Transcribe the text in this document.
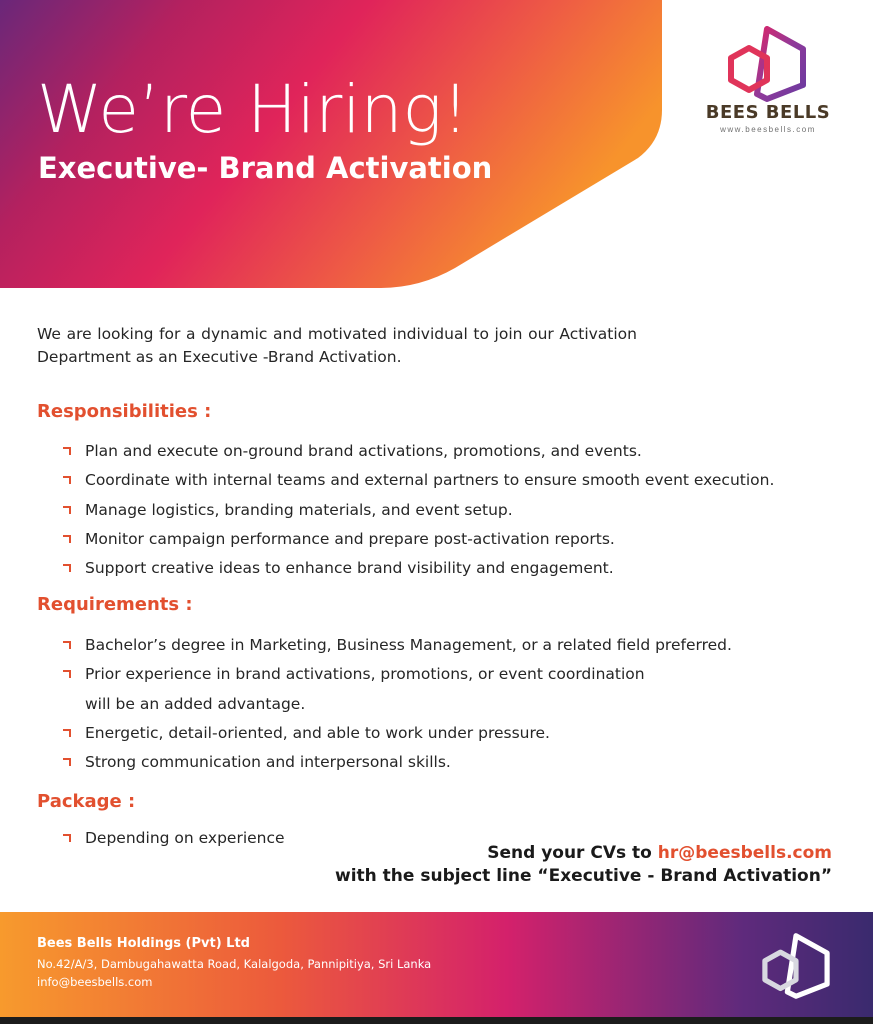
We’re Hiring!
Executive- Brand Activation
BEES BELLS
www.beesbells.com

We are looking for a dynamic and motivated individual to join our Activation Department as an Executive -Brand Activation.

Responsibilities :
Plan and execute on-ground brand activations, promotions, and events.
Coordinate with internal teams and external partners to ensure smooth event execution.
Manage logistics, branding materials, and event setup.
Monitor campaign performance and prepare post-activation reports.
Support creative ideas to enhance brand visibility and engagement.
Requirements :
Bachelor’s degree in Marketing, Business Management, or a related field preferred.
Prior experience in brand activations, promotions, or event coordination
will be an added advantage.
Energetic, detail-oriented, and able to work under pressure.
Strong communication and interpersonal skills.
Package :
Depending on experience
Send your CVs to hr@beesbells.com
with the subject line “Executive - Brand Activation”
Bees Bells Holdings (Pvt) Ltd
No.42/A/3, Dambugahawatta Road, Kalalgoda, Pannipitiya, Sri Lanka
info@beesbells.com
